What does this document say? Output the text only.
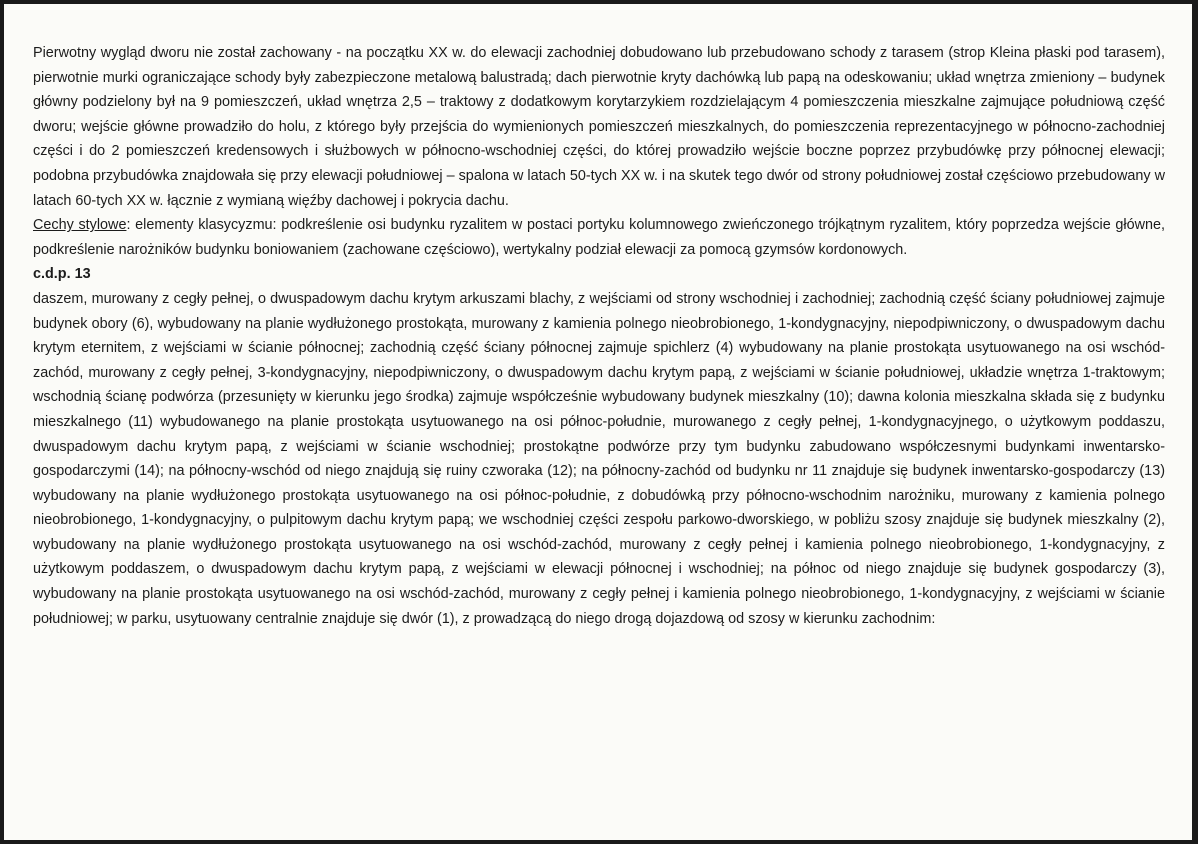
Pierwotny wygląd dworu nie został zachowany - na początku XX w. do elewacji zachodniej dobudowano lub przebudowano schody z tarasem (strop Kleina płaski pod tarasem), pierwotnie murki ograniczające schody były zabezpieczone metalową balustradą; dach pierwotnie kryty dachówką lub papą na odeskowaniu; układ wnętrza zmieniony – budynek główny podzielony był na 9 pomieszczeń, układ wnętrza 2,5 – traktowy z dodatkowym korytarzykiem rozdzielającym 4 pomieszczenia mieszkalne zajmujące południową część dworu; wejście główne prowadziło do holu, z którego były przejścia do wymienionych pomieszczeń mieszkalnych, do pomieszczenia reprezentacyjnego w północno-zachodniej części i do 2 pomieszczeń kredensowych i służbowych w północno-wschodniej części, do której prowadziło wejście boczne poprzez przybudówkę przy północnej elewacji; podobna przybudówka znajdowała się przy elewacji południowej – spalona w latach 50-tych XX w. i na skutek tego dwór od strony południowej został częściowo przebudowany w latach 60-tych XX w. łącznie z wymianą więźby dachowej i pokrycia dachu.

Cechy stylowe: elementy klasycyzmu: podkreślenie osi budynku ryzalitem w postaci portyku kolumnowego zwieńczonego trójkątnym ryzalitem, który poprzedza wejście główne, podkreślenie narożników budynku boniowaniem (zachowane częściowo), wertykalny podział elewacji za pomocą gzymsów kordonowych.

c.d.p. 13

daszem, murowany z cegły pełnej, o dwuspadowym dachu krytym arkuszami blachy, z wejściami od strony wschodniej i zachodniej; zachodnią część ściany południowej zajmuje budynek obory (6), wybudowany na planie wydłużonego prostokąta, murowany z kamienia polnego nieobrobionego, 1-kondygnacyjny, niepodpiwniczony, o dwuspadowym dachu krytym eternitem, z wejściami w ścianie północnej; zachodnią część ściany północnej zajmuje spichlerz (4) wybudowany na planie prostokąta usytuowanego na osi wschód-zachód, murowany z cegły pełnej, 3-kondygnacyjny, niepodpiwniczony, o dwuspadowym dachu krytym papą, z wejściami w ścianie południowej, układzie wnętrza 1-traktowym; wschodnią ścianę podwórza (przesunięty w kierunku jego środka) zajmuje współcześnie wybudowany budynek mieszkalny (10); dawna kolonia mieszkalna składa się z budynku mieszkalnego (11) wybudowanego na planie prostokąta usytuowanego na osi północ-południe, murowanego z cegły pełnej, 1-kondygnacyjnego, o użytkowym poddaszu, dwuspadowym dachu krytym papą, z wejściami w ścianie wschodniej; prostokątne podwórze przy tym budynku zabudowano współczesnymi budynkami inwentarsko-gospodarczymi (14); na północny-wschód od niego znajdują się ruiny czworaka (12); na północny-zachód od budynku nr 11 znajduje się budynek inwentarsko-gospodarczy (13) wybudowany na planie wydłużonego prostokąta usytuowanego na osi północ-południe, z dobudówką przy północno-wschodnim narożniku, murowany z kamienia polnego nieobrobionego, 1-kondygnacyjny, o pulpitowym dachu krytym papą; we wschodniej części zespołu parkowo-dworskiego, w pobliżu szosy znajduje się budynek mieszkalny (2), wybudowany na planie wydłużonego prostokąta usytuowanego na osi wschód-zachód, murowany z cegły pełnej i kamienia polnego nieobrobionego, 1-kondygnacyjny, z użytkowym poddaszem, o dwuspadowym dachu krytym papą, z wejściami w elewacji północnej i wschodniej; na północ od niego znajduje się budynek gospodarczy (3), wybudowany na planie prostokąta usytuowanego na osi wschód-zachód, murowany z cegły pełnej i kamienia polnego nieobrobionego, 1-kondygnacyjny, z wejściami w ścianie południowej; w parku, usytuowany centralnie znajduje się dwór (1), z prowadzącą do niego drogą dojazdową od szosy w kierunku zachodnim:
